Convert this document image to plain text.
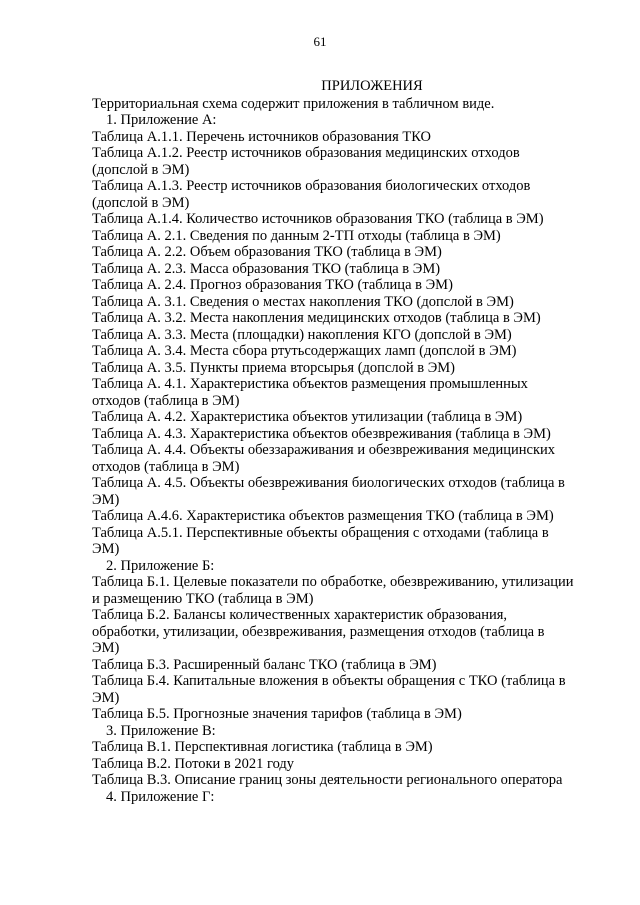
61
ПРИЛОЖЕНИЯ
Территориальная схема содержит приложения в табличном виде.
1. Приложение А:
Таблица А.1.1. Перечень источников образования ТКО
Таблица А.1.2. Реестр источников образования медицинских отходов
(допслой в ЭМ)
Таблица А.1.3. Реестр источников образования биологических отходов
(допслой в ЭМ)
Таблица А.1.4. Количество источников образования ТКО (таблица в ЭМ)
Таблица А. 2.1. Сведения по данным 2-ТП отходы (таблица в ЭМ)
Таблица А. 2.2. Объем образования ТКО (таблица в ЭМ)
Таблица А. 2.3. Масса образования ТКО (таблица в ЭМ)
Таблица А. 2.4. Прогноз образования ТКО (таблица в ЭМ)
Таблица А. 3.1. Сведения о местах накопления ТКО (допслой в ЭМ)
Таблица А. 3.2. Места накопления медицинских отходов (таблица в ЭМ)
Таблица А. 3.3. Места (площадки) накопления КГО (допслой в ЭМ)
Таблица А. 3.4. Места сбора ртутьсодержащих ламп (допслой в ЭМ)
Таблица А. 3.5. Пункты приема вторсырья (допслой в ЭМ)
Таблица А. 4.1. Характеристика объектов размещения промышленных
отходов (таблица в ЭМ)
Таблица А. 4.2. Характеристика объектов утилизации (таблица в ЭМ)
Таблица А. 4.3. Характеристика объектов обезвреживания (таблица в ЭМ)
Таблица А. 4.4. Объекты обеззараживания и обезвреживания медицинских
отходов (таблица в ЭМ)
Таблица А. 4.5. Объекты обезвреживания биологических отходов (таблица в
ЭМ)
Таблица А.4.6. Характеристика объектов размещения ТКО (таблица в ЭМ)
Таблица А.5.1. Перспективные объекты обращения с отходами (таблица в
ЭМ)
2. Приложение Б:
Таблица Б.1. Целевые показатели по обработке, обезвреживанию, утилизации
и размещению ТКО (таблица в ЭМ)
Таблица Б.2. Балансы количественных характеристик образования,
обработки, утилизации, обезвреживания, размещения отходов (таблица в
ЭМ)
Таблица Б.3. Расширенный баланс ТКО (таблица в ЭМ)
Таблица Б.4. Капитальные вложения в объекты обращения с ТКО (таблица в
ЭМ)
Таблица Б.5. Прогнозные значения тарифов (таблица в ЭМ)
3. Приложение В:
Таблица В.1. Перспективная логистика (таблица в ЭМ)
Таблица В.2. Потоки в 2021 году
Таблица В.3. Описание границ зоны деятельности регионального оператора
4. Приложение Г:
